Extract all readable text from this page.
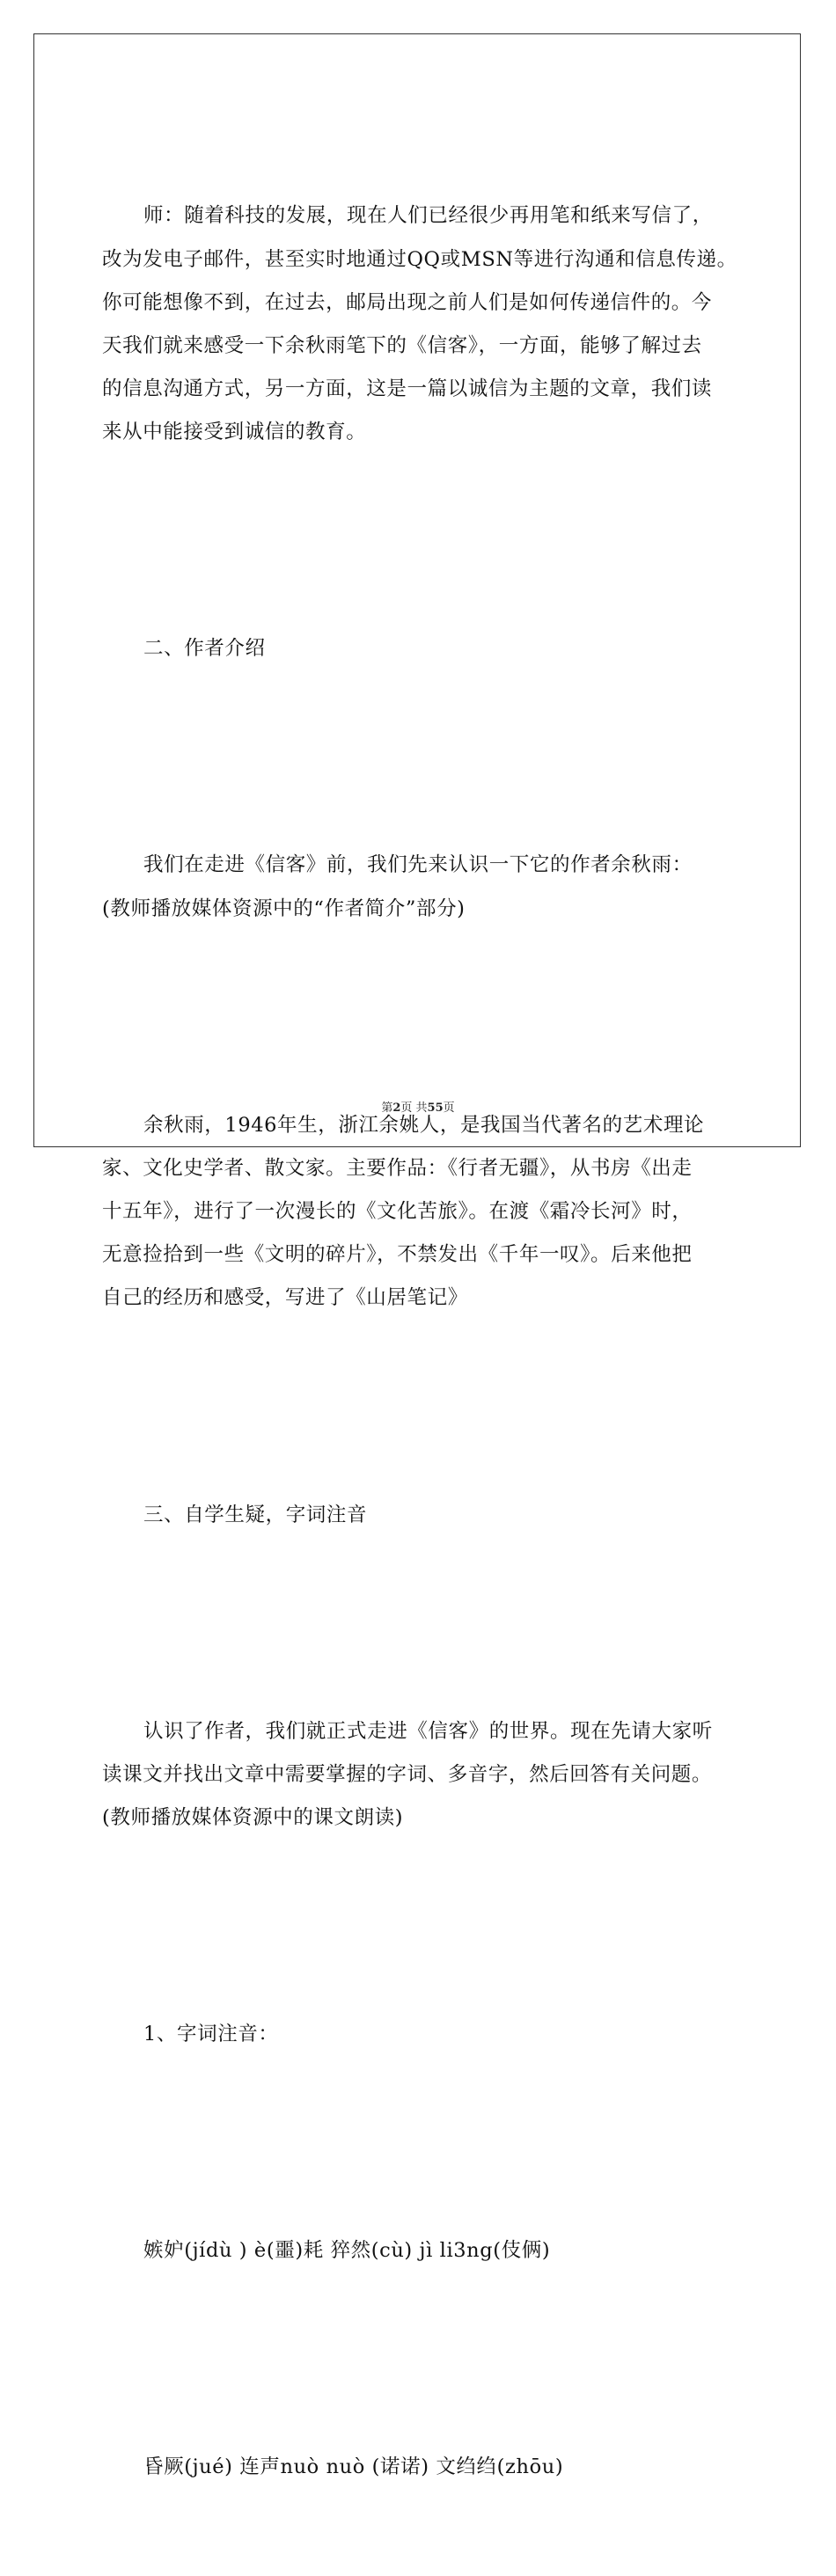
师：随着科技的发展，现在人们已经很少再用笔和纸来写信了，
改为发电子邮件，甚至实时地通过QQ或MSN等进行沟通和信息传递。
你可能想像不到，在过去，邮局出现之前人们是如何传递信件的。今
天我们就来感受一下余秋雨笔下的《信客》，一方面，能够了解过去
的信息沟通方式，另一方面，这是一篇以诚信为主题的文章，我们读
来从中能接受到诚信的教育。

二、作者介绍

我们在走进《信客》前，我们先来认识一下它的作者余秋雨：
(教师播放媒体资源中的“作者简介”部分)

余秋雨，1946年生，浙江余姚人，是我国当代著名的艺术理论
家、文化史学者、散文家。主要作品：《行者无疆》，从书房《出走
十五年》，进行了一次漫长的《文化苦旅》。在渡《霜冷长河》时，
无意捡拾到一些《文明的碎片》，不禁发出《千年一叹》。后来他把
自己的经历和感受，写进了《山居笔记》

三、自学生疑，字词注音

认识了作者，我们就正式走进《信客》的世界。现在先请大家听
读课文并找出文章中需要掌握的字词、多音字，然后回答有关问题。
(教师播放媒体资源中的课文朗读)

1、字词注音：

嫉妒(jídù ) è(噩)耗 猝然(cù) jì li3ng(伎俩)

昏厥(jué) 连声nuò nuò (诺诺) 文绉绉(zhōu)

第2页 共55页
